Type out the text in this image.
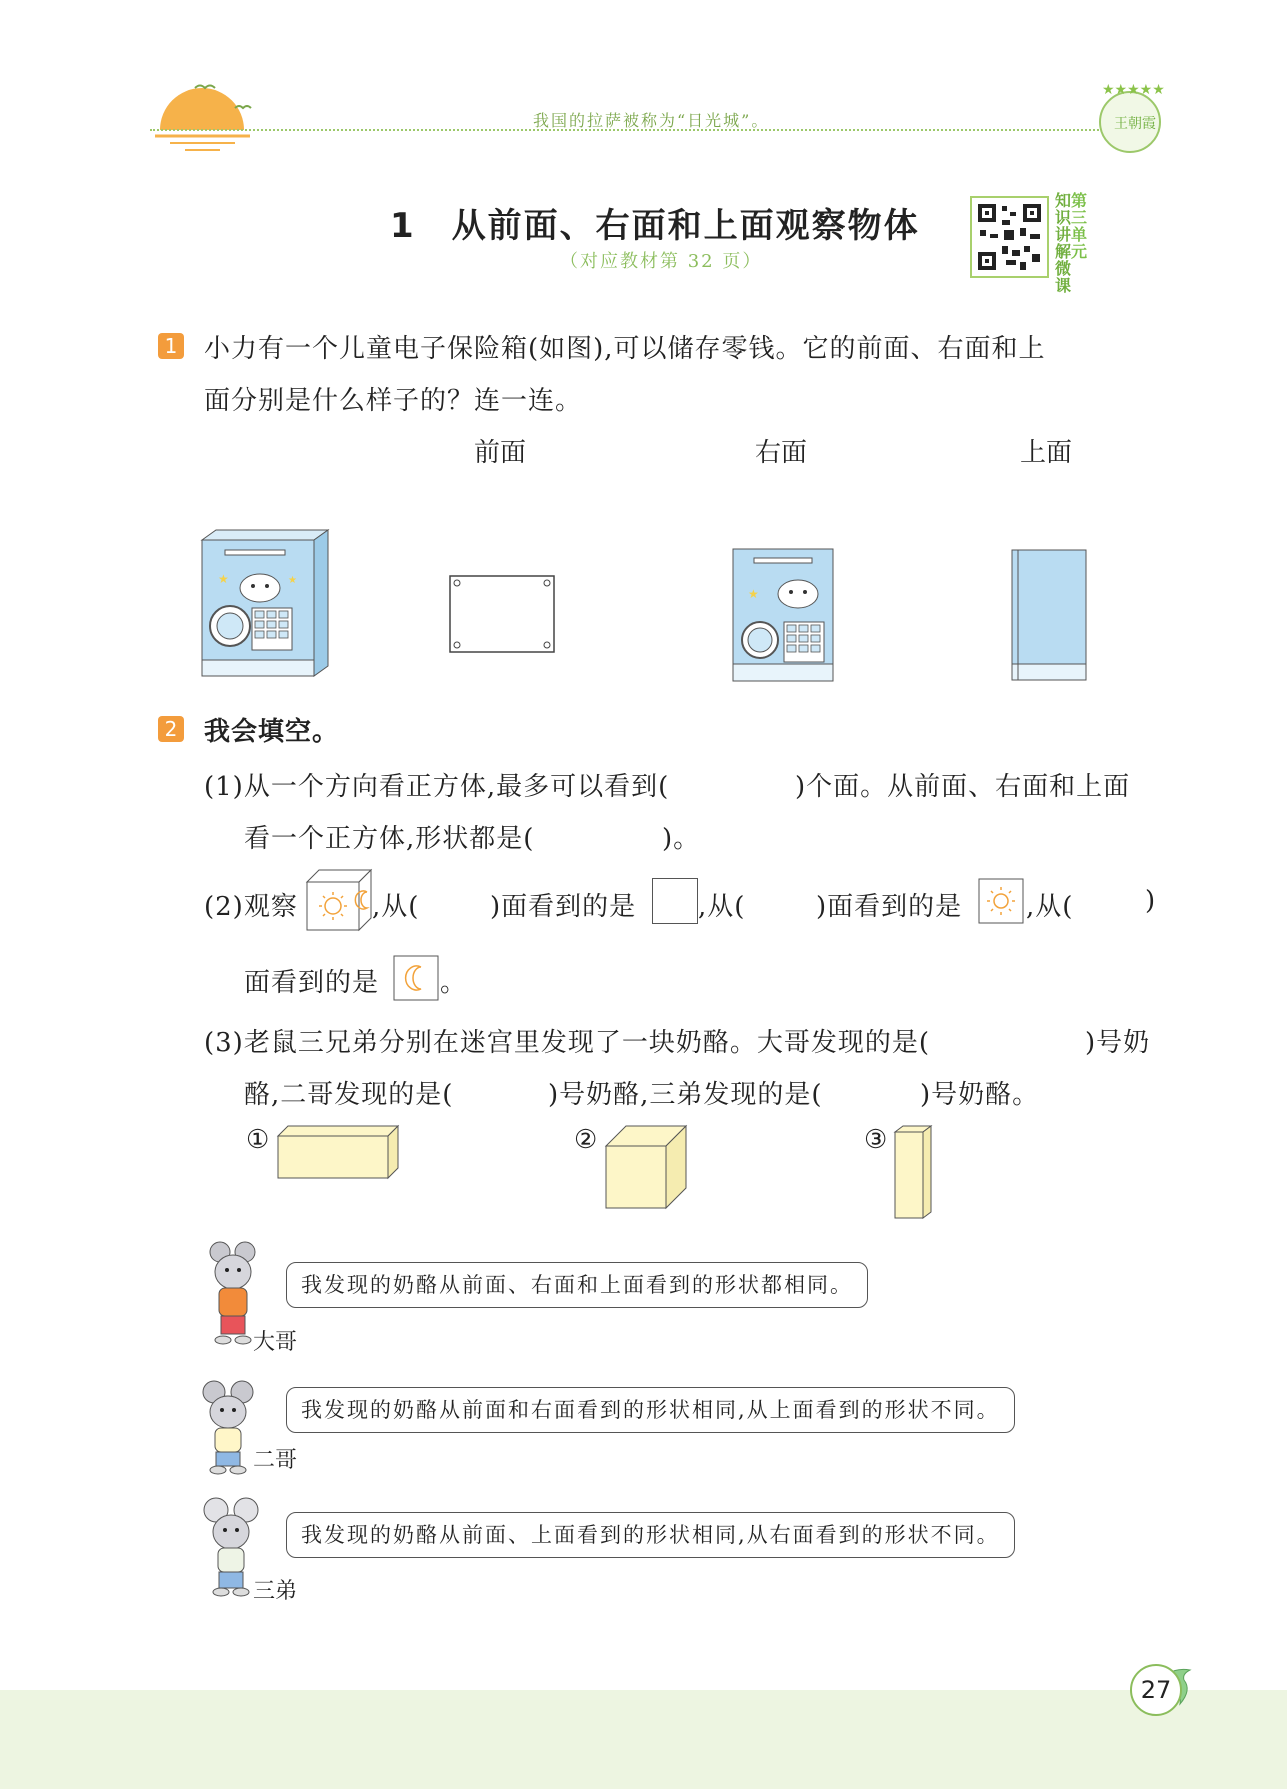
我国的拉萨被称为“日光城”。
★★★★★
王朝霞
1　从前面、右面和上面观察物体
（对应教材第 32 页）
知识讲解微课第三单元
1 小力有一个儿童电子保险箱(如图),可以储存零钱。它的前面、右面和上
面分别是什么样子的？连一连。
前面	右面	上面
★	★
★
2 我会填空。
(1)从一个方向看正方体,最多可以看到(	)个面。从前面、右面和上面
看一个正方体,形状都是(	)。
(2)观察	,从(	)面看到的是 ,从(	)面看到的是 ,从(	)
面看到的是 。
(3)老鼠三兄弟分别在迷宫里发现了一块奶酪。大哥发现的是(	)号奶
酪,二哥发现的是(	)号奶酪,三弟发现的是(	)号奶酪。
①	②	③
我发现的奶酪从前面、右面和上面看到的形状都相同。
大哥
我发现的奶酪从前面和右面看到的形状相同,从上面看到的形状不同。
二哥
我发现的奶酪从前面、上面看到的形状相同,从右面看到的形状不同。
三弟
27
